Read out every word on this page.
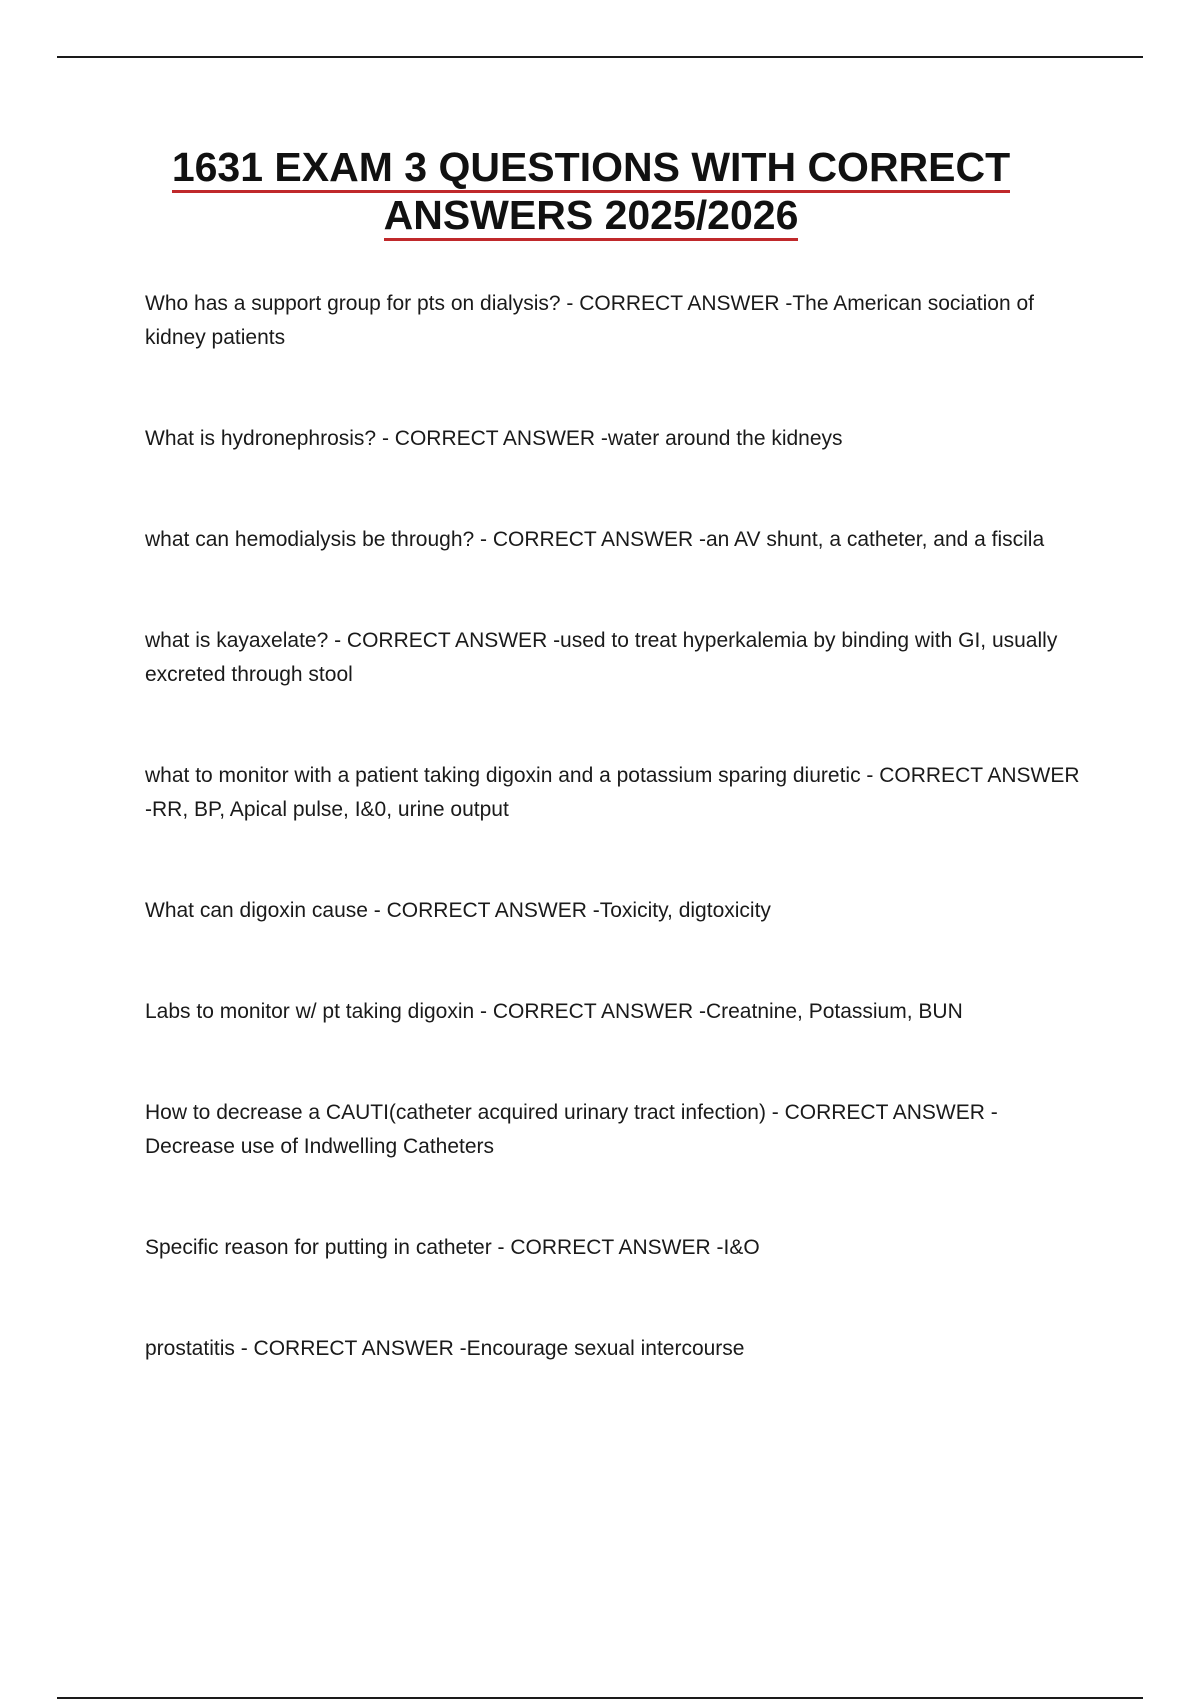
1631 EXAM 3 QUESTIONS WITH CORRECT
ANSWERS 2025/2026

Who has a support group for pts on dialysis? - CORRECT ANSWER -The American sociation of kidney patients

What is hydronephrosis? - CORRECT ANSWER -water around the kidneys

what can hemodialysis be through? - CORRECT ANSWER -an AV shunt, a catheter, and a fiscila

what is kayaxelate? - CORRECT ANSWER -used to treat hyperkalemia by binding with GI, usually excreted through stool

what to monitor with a patient taking digoxin and a potassium sparing diuretic - CORRECT ANSWER -RR, BP, Apical pulse, I&0, urine output

What can digoxin cause - CORRECT ANSWER -Toxicity, digtoxicity

Labs to monitor w/ pt taking digoxin - CORRECT ANSWER -Creatnine, Potassium, BUN

How to decrease a CAUTI(catheter acquired urinary tract infection) - CORRECT ANSWER - Decrease use of Indwelling Catheters

Specific reason for putting in catheter - CORRECT ANSWER -I&O

prostatitis - CORRECT ANSWER -Encourage sexual intercourse
